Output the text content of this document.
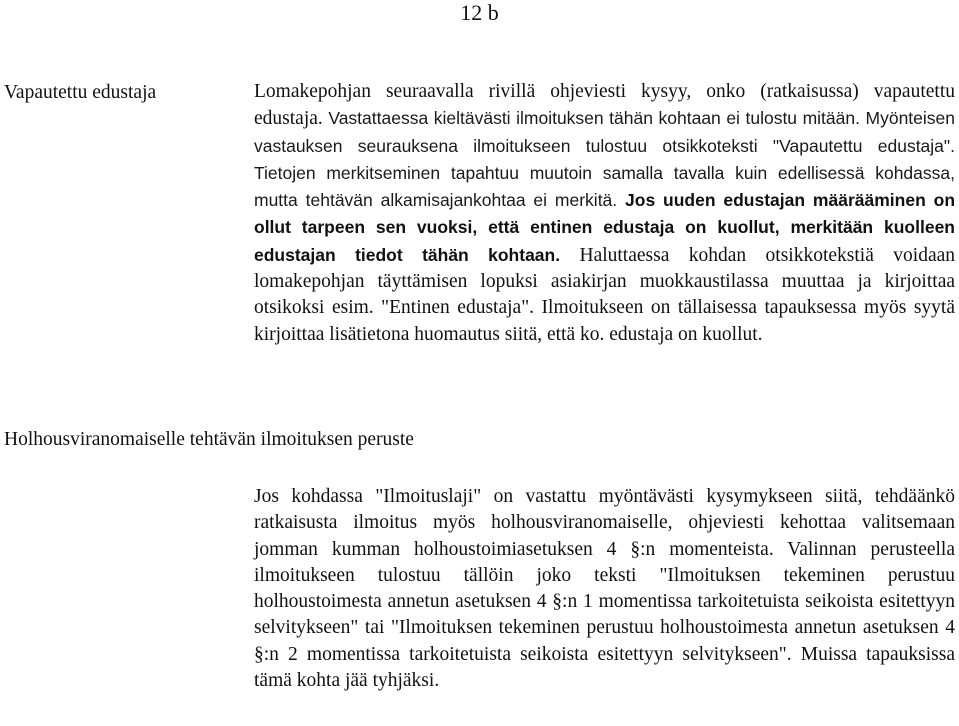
12 b
Vapautettu edustaja	Lomakepohjan seuraavalla rivillä ohjeviesti kysyy, onko (ratkaisussa) vapautettu edustaja. Vastattaessa kieltävästi ilmoituksen tähän kohtaan ei tulostu mitään. Myönteisen vastauksen seurauksena ilmoitukseen tulostuu otsikkoteksti "Vapautettu edustaja". Tietojen merkitseminen tapahtuu muutoin samalla tavalla kuin edellisessä kohdassa, mutta tehtävän alkamisajankohtaa ei merkitä. Jos uuden edustajan määrääminen on ollut tarpeen sen vuoksi, että entinen edustaja on kuollut, merkitään kuolleen edustajan tiedot tähän kohtaan. Haluttaessa kohdan otsikkotekstiä voidaan lomakepohjan täyttämisen lopuksi asiakirjan muokkaustilassa muuttaa ja kirjoittaa otsikoksi esim. "Entinen edustaja". Ilmoitukseen on tällaisessa tapauksessa myös syytä kirjoittaa lisätietona huomautus siitä, että ko. edustaja on kuollut.

Holhousviranomaiselle tehtävän ilmoituksen peruste

Jos kohdassa "Ilmoituslaji" on vastattu myöntävästi kysymykseen siitä, tehdäänkö ratkaisusta ilmoitus myös holhousviranomaiselle, ohjeviesti kehottaa valitsemaan jomman kumman holhoustoimiasetuksen 4 §:n momenteista. Valinnan perusteella ilmoitukseen tulostuu tällöin joko teksti "Ilmoituksen tekeminen perustuu holhoustoimesta annetun asetuksen 4 §:n 1 momentissa tarkoitetuista seikoista esitettyyn selvitykseen" tai "Ilmoituksen tekeminen perustuu holhoustoimesta annetun asetuksen 4 §:n 2 momentissa tarkoitetuista seikoista esitettyyn selvitykseen". Muissa tapauksissa tämä kohta jää tyhjäksi.
